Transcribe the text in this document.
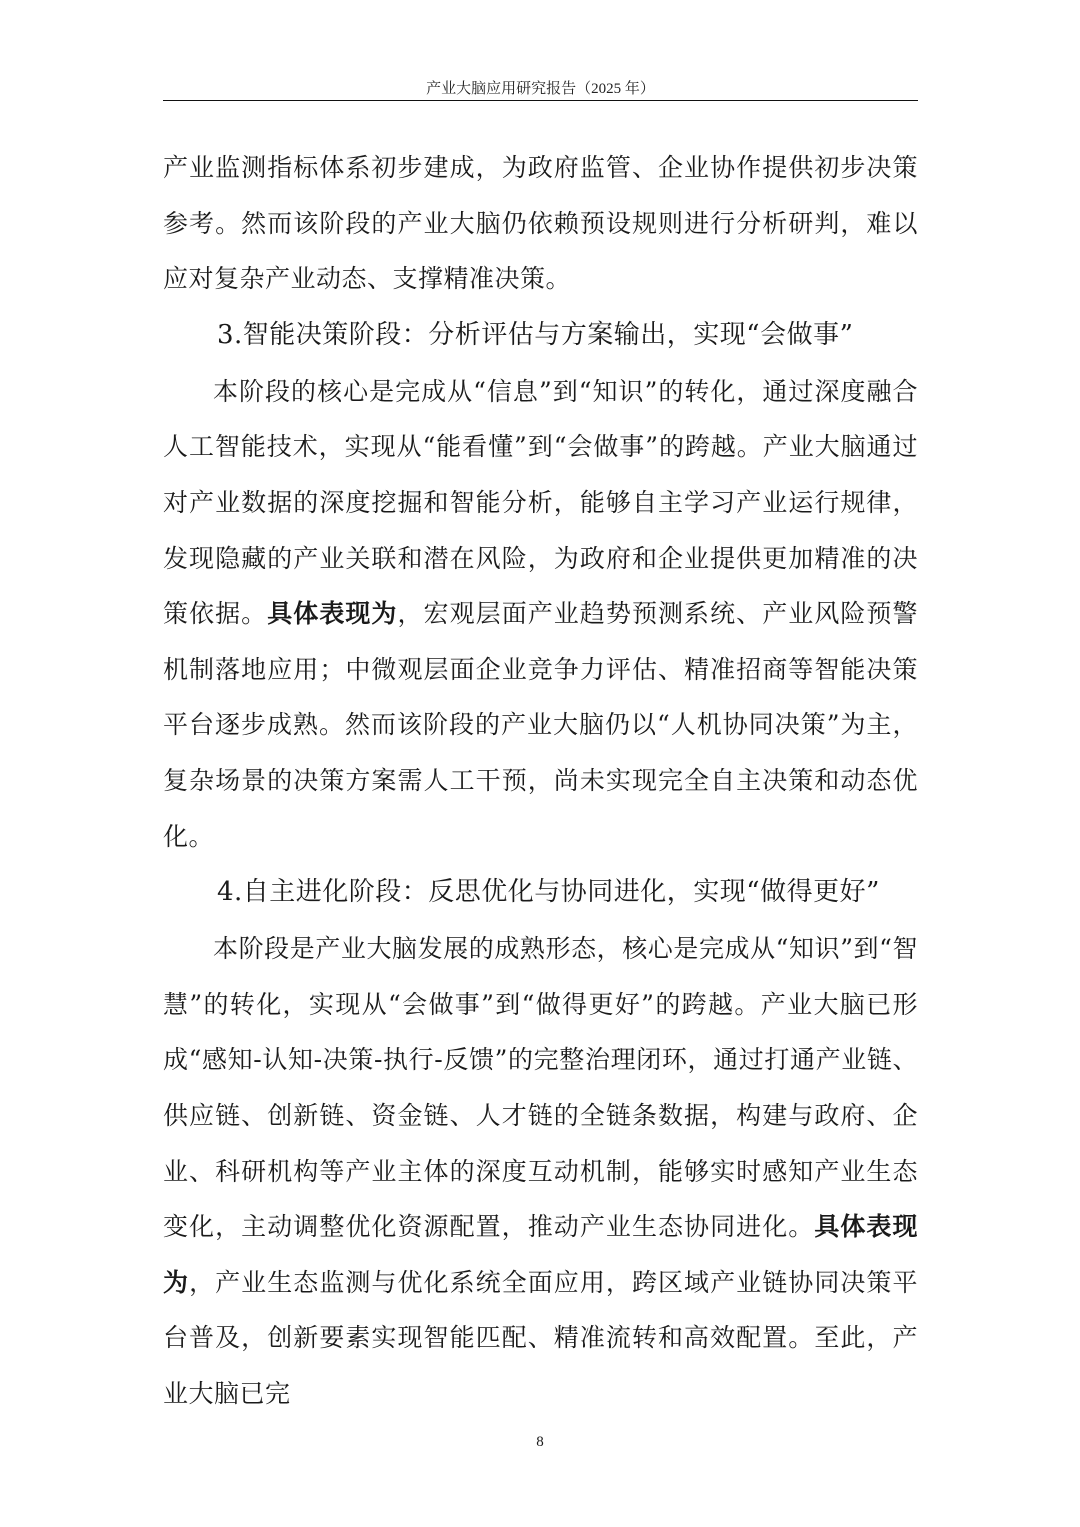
产业大脑应用研究报告（2025 年）

产业监测指标体系初步建成，为政府监管、企业协作提供初步决策参考。然而该阶段的产业大脑仍依赖预设规则进行分析研判，难以应对复杂产业动态、支撑精准决策。

3.智能决策阶段：分析评估与方案输出，实现“会做事”

本阶段的核心是完成从“信息”到“知识”的转化，通过深度融合人工智能技术，实现从“能看懂”到“会做事”的跨越。产业大脑通过对产业数据的深度挖掘和智能分析，能够自主学习产业运行规律，发现隐藏的产业关联和潜在风险，为政府和企业提供更加精准的决策依据。具体表现为，宏观层面产业趋势预测系统、产业风险预警机制落地应用；中微观层面企业竞争力评估、精准招商等智能决策平台逐步成熟。然而该阶段的产业大脑仍以“人机协同决策”为主，复杂场景的决策方案需人工干预，尚未实现完全自主决策和动态优化。

4.自主进化阶段：反思优化与协同进化，实现“做得更好”

本阶段是产业大脑发展的成熟形态，核心是完成从“知识”到“智慧”的转化，实现从“会做事”到“做得更好”的跨越。产业大脑已形成“感知-认知-决策-执行-反馈”的完整治理闭环，通过打通产业链、供应链、创新链、资金链、人才链的全链条数据，构建与政府、企业、科研机构等产业主体的深度互动机制，能够实时感知产业生态变化，主动调整优化资源配置，推动产业生态协同进化。具体表现为，产业生态监测与优化系统全面应用，跨区域产业链协同决策平台普及，创新要素实现智能匹配、精准流转和高效配置。至此，产业大脑已完

8
